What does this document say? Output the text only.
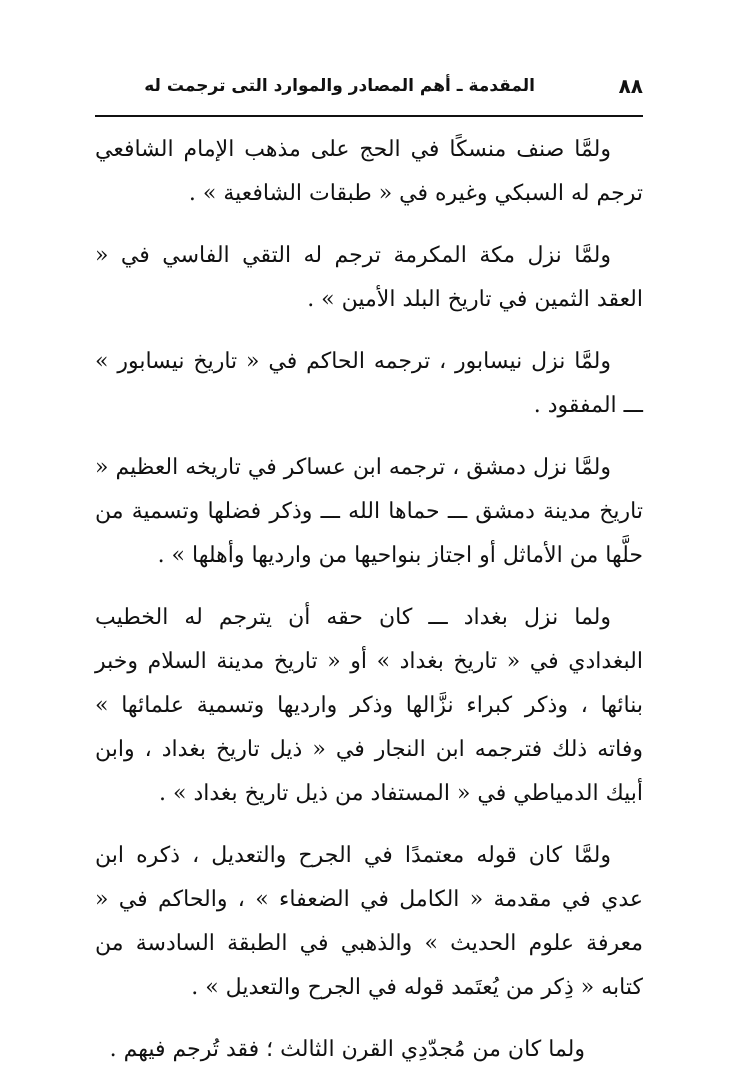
٨٨
المقدمة ـ أهم المصادر والموارد التى ترجمت له

ولمَّا صنف منسكًا في الحج على مذهب الإمام الشافعي ترجم له السبكي وغيره في « طبقات الشافعية » .

ولمَّا نزل مكة المكرمة ترجم له التقي الفاسي في « العقد الثمين في تاريخ البلد الأمين » .

ولمَّا نزل نيسابور ، ترجمه الحاكم في « تاريخ نيسابور » ـــ المفقود .

ولمَّا نزل دمشق ، ترجمه ابن عساكر في تاريخه العظيم « تاريخ مدينة دمشق ـــ حماها الله ـــ وذكر فضلها وتسمية من حلَّها من الأماثل أو اجتاز بنواحيها من وارديها وأهلها » .

ولما نزل بغداد ـــ كان حقه أن يترجم له الخطيب البغدادي في « تاريخ بغداد » أو « تاريخ مدينة السلام وخبر بنائها ، وذكر كبراء نزَّالها وذكر وارديها وتسمية علمائها » وفاته ذلك فترجمه ابن النجار في « ذيل تاريخ بغداد ، وابن أبيك الدمياطي في « المستفاد من ذيل تاريخ بغداد » .

ولمَّا كان قوله معتمدًا في الجرح والتعديل ، ذكره ابن عدي في مقدمة « الكامل في الضعفاء » ، والحاكم في « معرفة علوم الحديث » والذهبي في الطبقة السادسة من كتابه « ذِكر من يُعتَمد قوله في الجرح والتعديل » .

ولما كان من مُجدّدِي القرن الثالث ؛ فقد تُرجم فيهم .
